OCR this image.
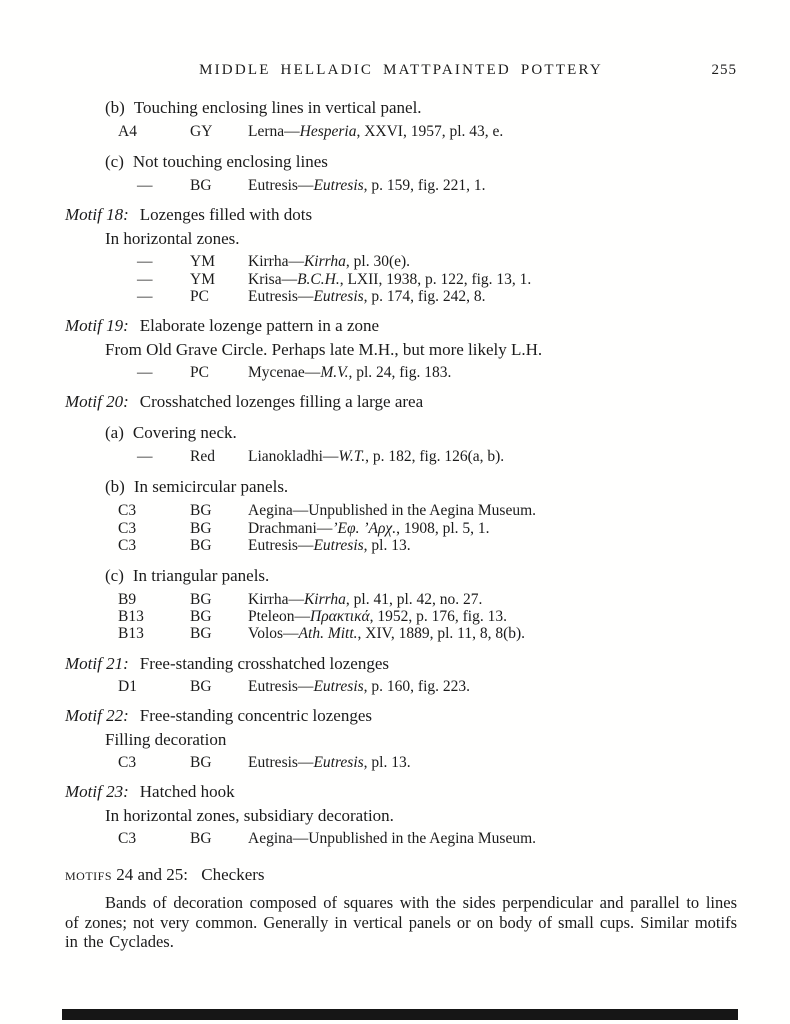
MIDDLE HELLADIC MATTPAINTED POTTERY	255
(b) Touching enclosing lines in vertical panel.
A4	GY Lerna—Hesperia, XXVI, 1957, pl. 43, e.
(c) Not touching enclosing lines
— BG Eutresis—Eutresis, p. 159, fig. 221, 1.
Motif 18: Lozenges filled with dots
In horizontal zones.
— YM Kirrha—Kirrha, pl. 30(e).
— YM Krisa—B.C.H., LXII, 1938, p. 122, fig. 13, 1.
— PC	Eutresis—Eutresis, p. 174, fig. 242, 8.
Motif 19: Elaborate lozenge pattern in a zone
From Old Grave Circle. Perhaps late M.H., but more likely L.H.
— PC	Mycenae—M.V., pl. 24, fig. 183.
Motif 20: Crosshatched lozenges filling a large area
(a) Covering neck.
— Red Lianokladhi—W.T., p. 182, fig. 126(a, b).
(b) In semicircular panels.
C3	BG Aegina—Unpublished in the Aegina Museum.
C3	BG Drachmani—’Εφ. ’Αρχ., 1908, pl. 5, 1.
C3	BG Eutresis—Eutresis, pl. 13.
(c) In triangular panels.
B9	BG Kirrha—Kirrha, pl. 41, pl. 42, no. 27.
B13	BG Pteleon—Πρακτικά, 1952, p. 176, fig. 13.
B13	BG Volos—Ath. Mitt., XIV, 1889, pl. 11, 8, 8(b).
Motif 21: Free-standing crosshatched lozenges
D1	BG Eutresis—Eutresis, p. 160, fig. 223.
Motif 22: Free-standing concentric lozenges
Filling decoration
C3	BG Eutresis—Eutresis, pl. 13.
Motif 23: Hatched hook
In horizontal zones, subsidiary decoration.
C3	BG Aegina—Unpublished in the Aegina Museum.
motifs 24 and 25: Checkers

Bands of decoration composed of squares with the sides perpendicular and parallel to lines of zones; not very common. Generally in vertical panels or on body of small cups. Similar motifs in the Cyclades.
